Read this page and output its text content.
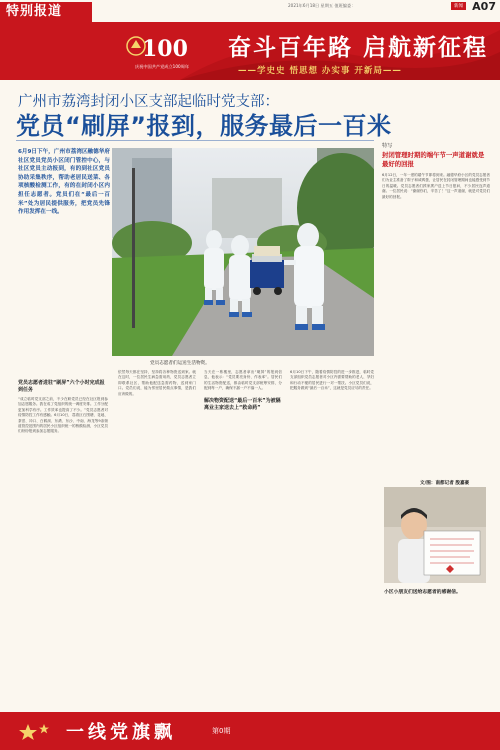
特别报道	2021年6月18日 星期五 值班编委：	新闻 A07
100
庆祝中国共产党成立100周年
奋斗百年路 启航新征程
——学史史 悟思想 办实事 开新局——
广州市荔湾封闭小区支部起临时党支部：
党员“刷屏”报到，服务最后一百米
6月9日下午，广州市荔湾区融德华府社区党员党员小区闭门管控中心，与社区党员主动报到，有的到社区党员协助采集秩序，帮助老居民送菜、各项核酸检测工作，有的在封闭小区内担任志愿者。党员们在“最后一百米”处为居民提供服务，把党员先锋作用发挥在一线。
党员志愿者们运送生活物资。
党员志愿者进驻“刷屏”六个小时完成报到任务
“成立临时党支部之前，不少在职党员已经在社区报到参加志愿服务。我在成了党组织的统一调度安排。工作分配更加科学有序。工作效率也提高了不少。”党员志愿者对疫情防控工作有感触。6月10日，荔湾区石围塘、花地、茶滘、冲口、白鹤洞、东漖、东沙、中南、海龙等9条街道管控范围内的居民小区组织统一的核酸检测，小区党员们纷纷报到参加志愿服务。
依然每天都在坚持，坚持将各种物资送到家。就在这时，一位居民生病急需用药，党员志愿者立即联系社区，帮助他配送急需药物，送到家门口。党员们说，能为邻里居民做点事情，是我们应该做的。
当天在一栋楼里，志愿者拿出“刷屏”的报到信息，他表示：“党员要亮身份、作表率”。居民们的生活物资配送，都由临时党支部统筹安排，分配到每一户，确保不漏一户不落一人。
解决物资配送“最后一百米”为被隔离业主家送去上“救命药”
6月10日下午，随着疫情防控的进一步推进，临时党支部组织党员志愿者对小区内需要帮助的老人、孕妇和行动不便的居民进行一对一帮扶。小区党员们说，把服务做到“最后一百米”，这就是党员应尽的责任。
特写
封闭管理时期的端午节一声道谢就是最好的回报
6月12日，一年一度的端午节即将到来。融德华府小区的党员志愿者们为业主准备了粽子和咸鸭蛋，让居民在封闭管理期间也能感受到节日的温暖。党员志愿者们挨家挨户送上节日慰问，不少居民连声道谢。一位居民说：“谢谢你们，辛苦了！”这一声道谢，就是对党员们最好的回报。
文/图：南都记者 殷嘉豪
小区小朋友们送给志愿者的感谢信。
一线党旗飘	第0期
